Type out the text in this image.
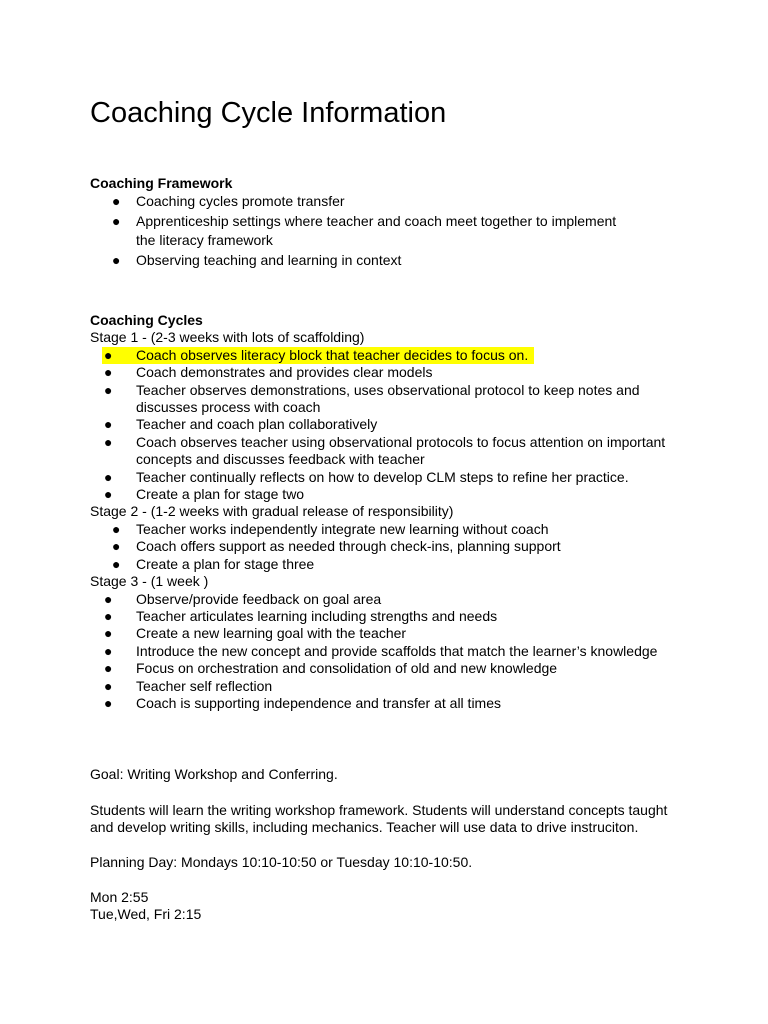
Coaching Cycle Information

Coaching Framework

● Coaching cycles promote transfer
● Apprenticeship settings where teacher and coach meet together to implement the literacy framework
● Observing teaching and learning in context

Coaching Cycles

Stage 1 - (2-3 weeks with lots of scaffolding)

● Coach observes literacy block that teacher decides to focus on.
● Coach demonstrates and provides clear models
● Teacher observes demonstrations, uses observational protocol to keep notes and discusses process with coach
● Teacher and coach plan collaboratively
● Coach observes teacher using observational protocols to focus attention on important concepts and discusses feedback with teacher
● Teacher continually reflects on how to develop CLM steps to refine her practice.
● Create a plan for stage two

Stage 2 - (1-2 weeks with gradual release of responsibility)

● Teacher works independently integrate new learning without coach
● Coach offers support as needed through check-ins, planning support
● Create a plan for stage three

Stage 3 - (1 week )

● Observe/provide feedback on goal area
● Teacher articulates learning including strengths and needs
● Create a new learning goal with the teacher
● Introduce the new concept and provide scaffolds that match the learner’s knowledge
● Focus on orchestration and consolidation of old and new knowledge
● Teacher self reflection
● Coach is supporting independence and transfer at all times

Goal: Writing Workshop and Conferring.

Students will learn the writing workshop framework. Students will understand concepts taught and develop writing skills, including mechanics. Teacher will use data to drive instruciton.

Planning Day: Mondays 10:10-10:50 or Tuesday 10:10-10:50.

Mon 2:55

Tue,Wed, Fri 2:15
